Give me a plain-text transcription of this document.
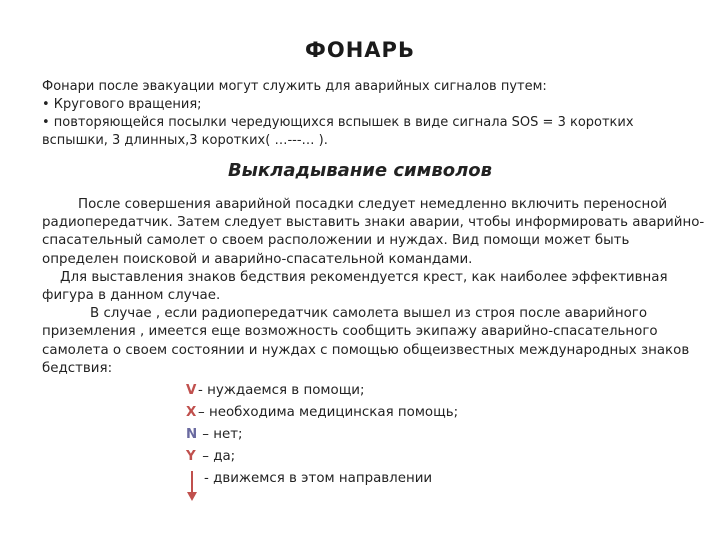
ФОНАРЬ
Фонари после эвакуации могут служить для аварийных сигналов путем:
• Кругового вращения;
• повторяющейся посылки чередующихся вспышек в виде сигнала SOS = 3 коротких
вспышки, 3 длинных,3 коротких( …---… ).
Выкладывание символов
После совершения аварийной посадки следует немедленно включить переносной
радиопередатчик. Затем следует выставить знаки аварии, чтобы информировать аварийно-
спасательный самолет о своем расположении и нуждах. Вид помощи может быть
определен поисковой и аварийно-спасательной командами.
Для выставления знаков бедствия рекомендуется крест, как наиболее эффективная
фигура в данном случае.
В случае , если радиопередатчик самолета вышел из строя после аварийного
приземления , имеется еще возможность сообщить экипажу аварийно-спасательного
самолета о своем состоянии и нуждах с помощью общеизвестных международных знаков
бедствия:
V - нуждаемся в помощи;
X – необходима медицинская помощь;
N – нет;
Y – да;
- движемся в этом направлении
